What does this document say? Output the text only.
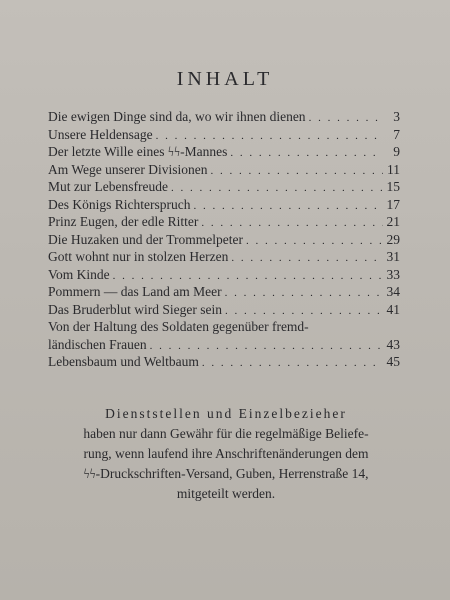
INHALT
Die ewigen Dinge sind da, wo wir ihnen dienen . . .	3
Unsere Heldensage . . .	7
Der letzte Wille eines ϟϟ-Mannes . . .	9
Am Wege unserer Divisionen . . .	11
Mut zur Lebensfreude . . .	15
Des Königs Richterspruch . . .	17
Prinz Eugen, der edle Ritter . . .	21
Die Huzaken und der Trommelpeter . . .	29
Gott wohnt nur in stolzen Herzen . . .	31
Vom Kinde . . .	33
Pommern — das Land am Meer . . .	34
Das Bruderblut wird Sieger sein . . .	41
Von der Haltung des Soldaten gegenüber fremd-
ländischen Frauen . . .	43
Lebensbaum und Weltbaum . . .	45
Dienststellen und Einzelbezieher
haben nur dann Gewähr für die regelmäßige Beliefe-
rung, wenn laufend ihre Anschriftenänderungen dem
ϟϟ-Druckschriften-Versand, Guben, Herrenstraße 14,
mitgeteilt werden.
